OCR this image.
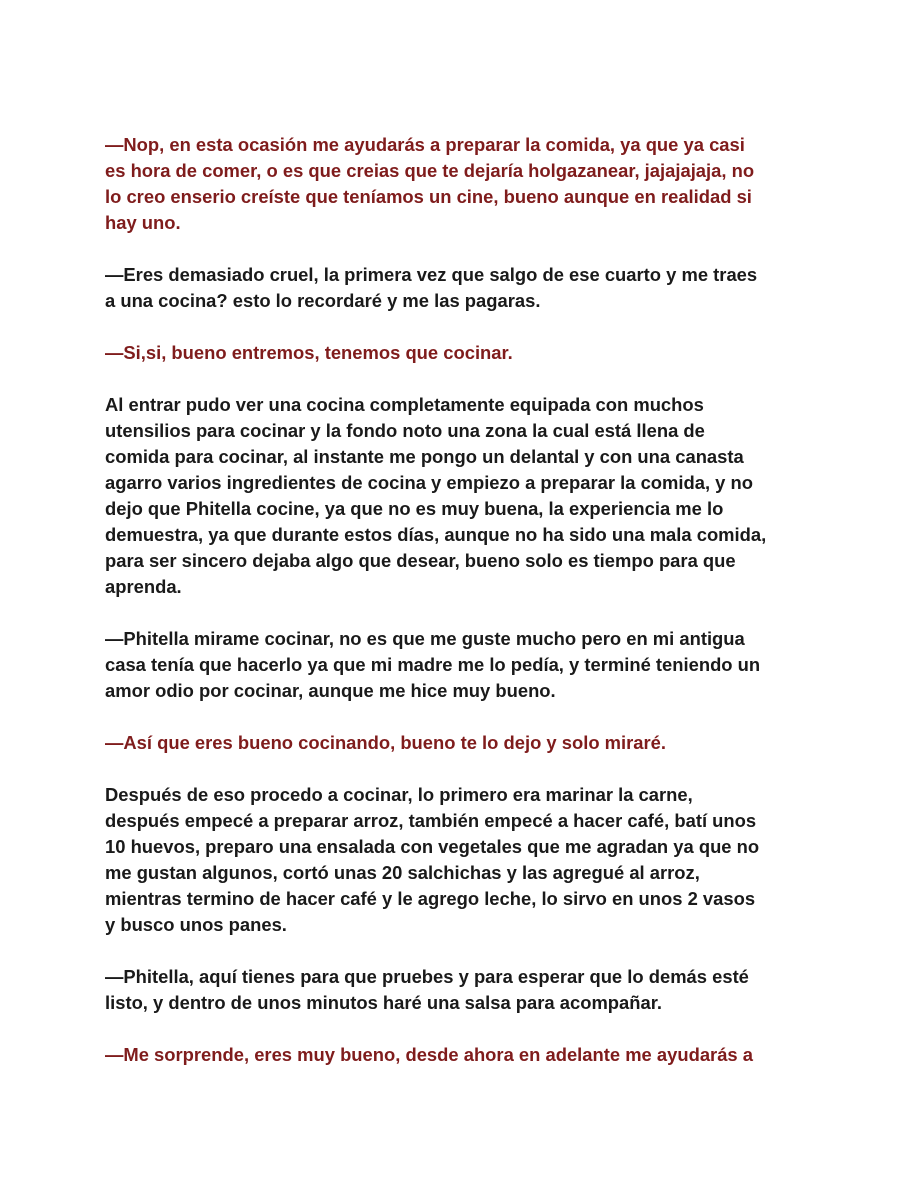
—Nop, en esta ocasión me ayudarás a preparar la comida, ya que ya casi
es hora de comer, o es que creias que te dejaría holgazanear, jajajajaja, no
lo creo enserio creíste que teníamos un cine, bueno aunque en realidad si
hay uno.

—Eres demasiado cruel, la primera vez que salgo de ese cuarto y me traes
a una cocina? esto lo recordaré y me las pagaras.

—Si,si, bueno entremos, tenemos que cocinar.

Al entrar pudo ver una cocina completamente equipada con muchos
utensilios para cocinar y la fondo noto una zona la cual está llena de
comida para cocinar, al instante me pongo un delantal y con una canasta
agarro varios ingredientes de cocina y empiezo a preparar la comida, y no
dejo que Phitella cocine, ya que no es muy buena, la experiencia me lo
demuestra, ya que durante estos días, aunque no ha sido una mala comida,
para ser sincero dejaba algo que desear, bueno solo es tiempo para que
aprenda.

—Phitella mirame cocinar, no es que me guste mucho pero en mi antigua
casa tenía que hacerlo ya que mi madre me lo pedía, y terminé teniendo un
amor odio por cocinar, aunque me hice muy bueno.

—Así que eres bueno cocinando, bueno te lo dejo y solo miraré.

Después de eso procedo a cocinar, lo primero era marinar la carne,
después empecé a preparar arroz, también empecé a hacer café, batí unos
10 huevos, preparo una ensalada con vegetales que me agradan ya que no
me gustan algunos, cortó unas 20 salchichas y las agregué al arroz,
mientras termino de hacer café y le agrego leche, lo sirvo en unos 2 vasos
y busco unos panes.

—Phitella, aquí tienes para que pruebes y para esperar que lo demás esté
listo, y dentro de unos minutos haré una salsa para acompañar.

—Me sorprende, eres muy bueno, desde ahora en adelante me ayudarás a
